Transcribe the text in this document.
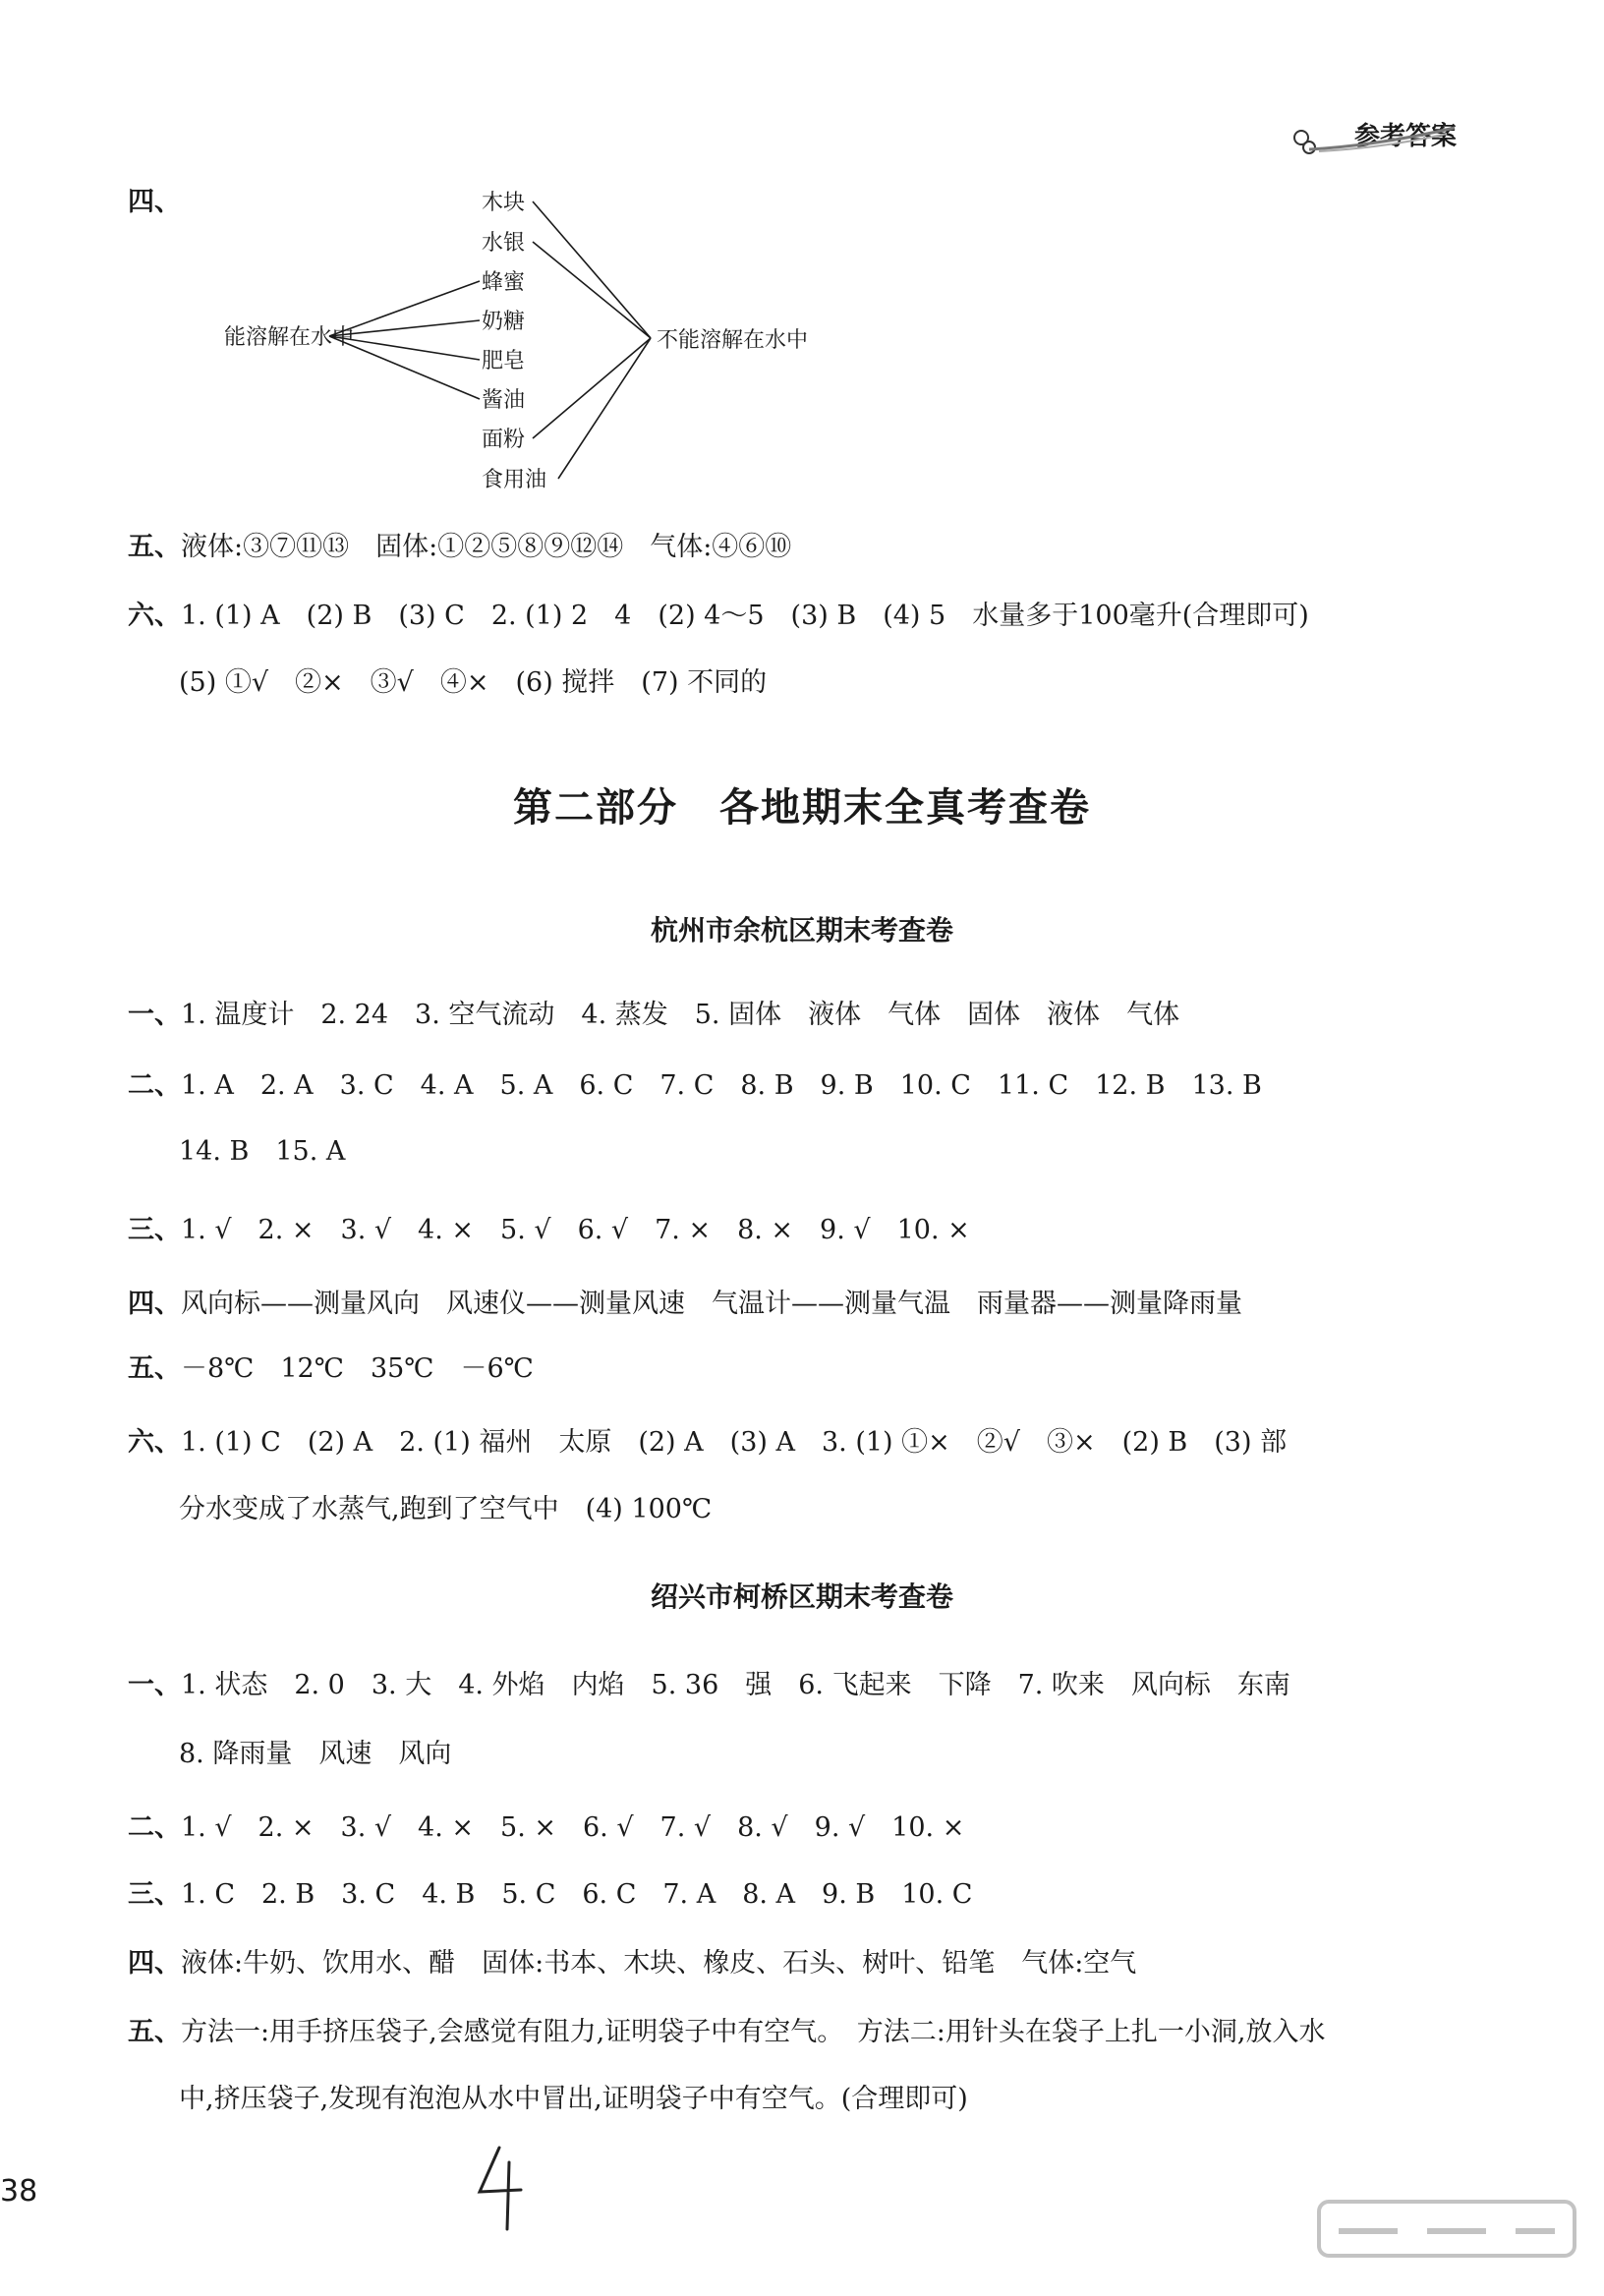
参考答案
四、
能溶解在水中	不能溶解在水中
木块
水银
蜂蜜
奶糖
肥皂
酱油
面粉
食用油
五、液体:③⑦⑪⑬　固体:①②⑤⑧⑨⑫⑭　气体:④⑥⑩
六、1. (1) A　(2) B　(3) C　2. (1) 2　4　(2) 4～5　(3) B　(4) 5　水量多于100毫升(合理即可)
(5) ①√　②×　③√　④×　(6) 搅拌　(7) 不同的
第二部分　各地期末全真考查卷
杭州市余杭区期末考查卷
一、1. 温度计　2. 24　3. 空气流动　4. 蒸发　5. 固体　液体　气体　固体　液体　气体
二、1. A　2. A　3. C　4. A　5. A　6. C　7. C　8. B　9. B　10. C　11. C　12. B　13. B
14. B　15. A
三、1. √　2. ×　3. √　4. ×　5. √　6. √　7. ×　8. ×　9. √　10. ×
四、风向标——测量风向　风速仪——测量风速　气温计——测量气温　雨量器——测量降雨量
五、－8℃　12℃　35℃　－6℃
六、1. (1) C　(2) A　2. (1) 福州　太原　(2) A　(3) A　3. (1) ①×　②√　③×　(2) B　(3) 部
分水变成了水蒸气,跑到了空气中　(4) 100℃
绍兴市柯桥区期末考查卷
一、1. 状态　2. 0　3. 大　4. 外焰　内焰　5. 36　强　6. 飞起来　下降　7. 吹来　风向标　东南
8. 降雨量　风速　风向
二、1. √　2. ×　3. √　4. ×　5. ×　6. √　7. √　8. √　9. √　10. ×
三、1. C　2. B　3. C　4. B　5. C　6. C　7. A　8. A　9. B　10. C
四、液体:牛奶、饮用水、醋　固体:书本、木块、橡皮、石头、树叶、铅笔　气体:空气
五、方法一:用手挤压袋子,会感觉有阻力,证明袋子中有空气。　方法二:用针头在袋子上扎一小洞,放入水
中,挤压袋子,发现有泡泡从水中冒出,证明袋子中有空气。(合理即可)
38
